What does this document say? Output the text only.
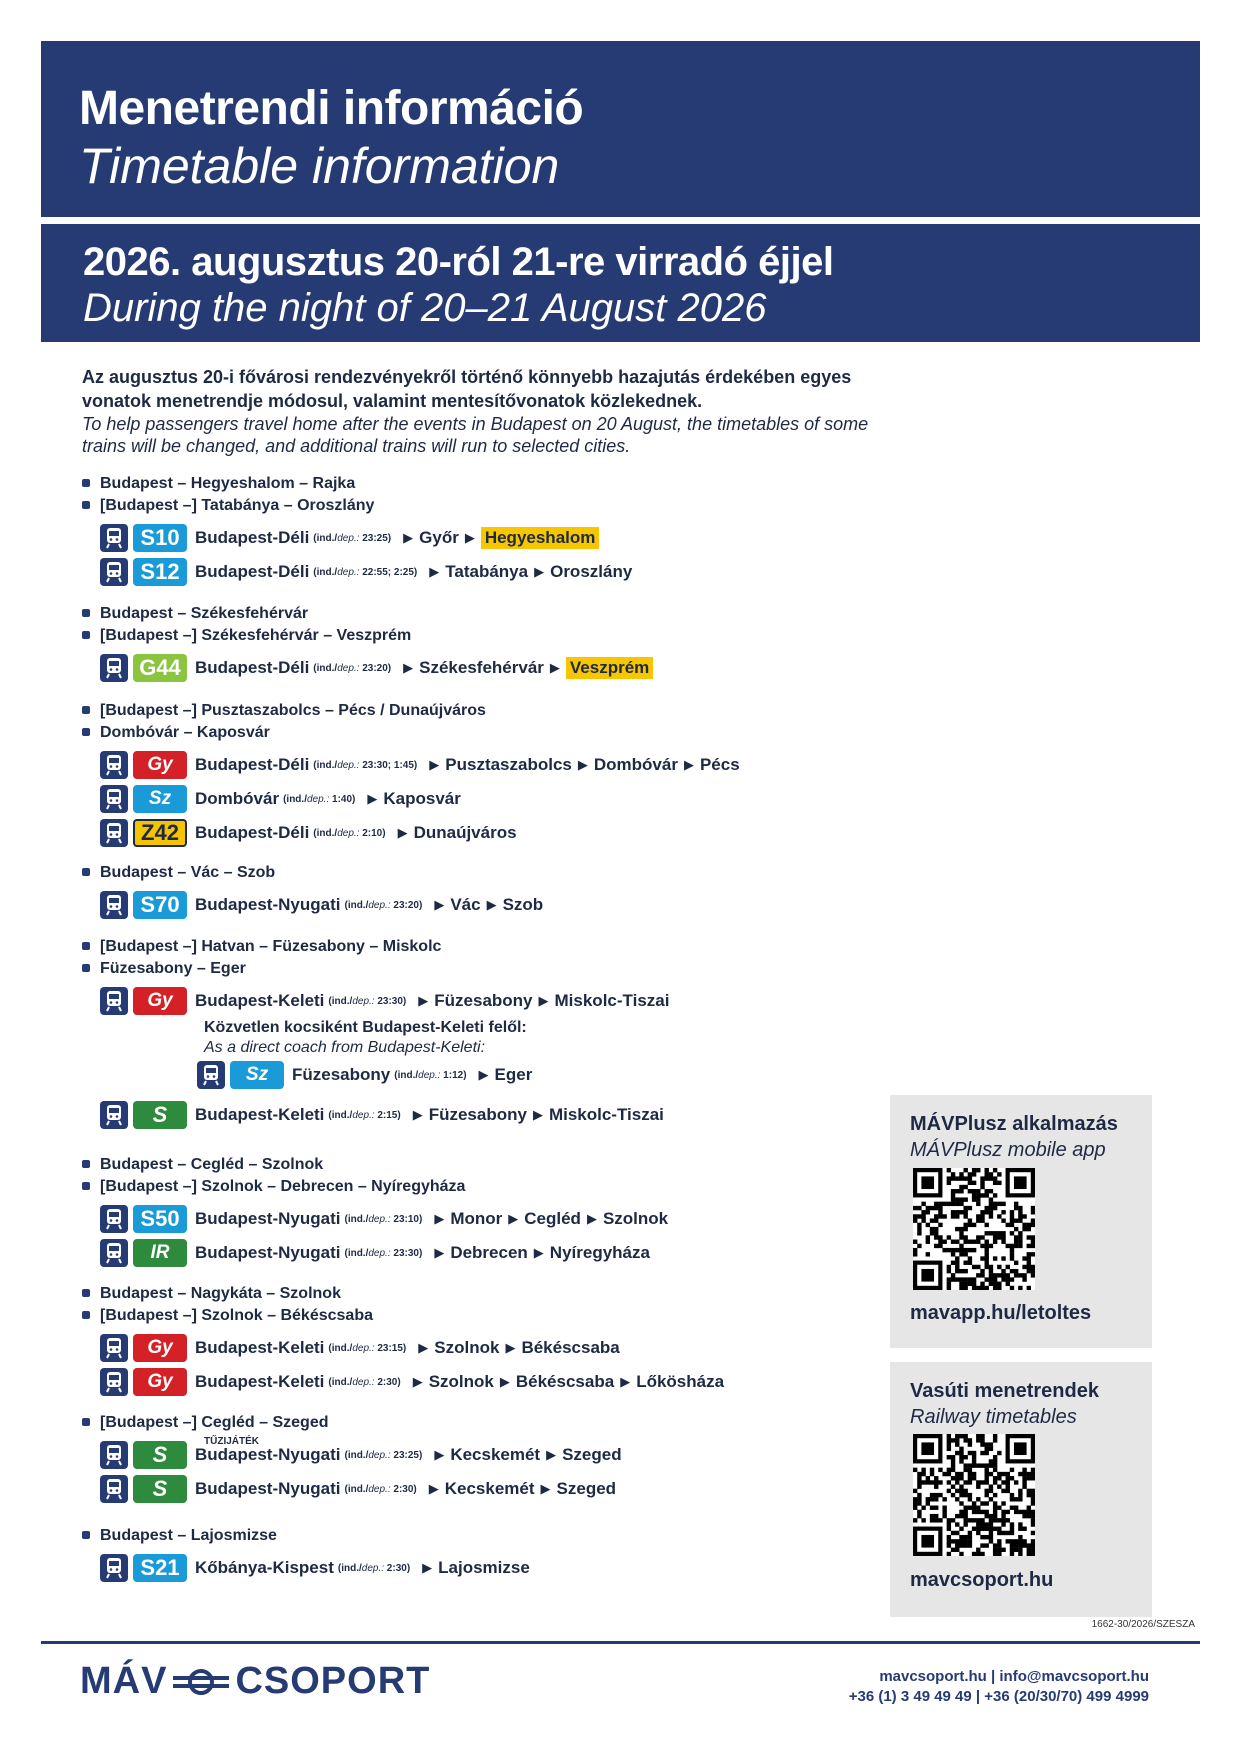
Menetrendi információ
Timetable information
2026. augusztus 20-ról 21-re virradó éjjel
During the night of 20–21 August 2026
Az augusztus 20-i fővárosi rendezvényekről történő könnyebb hazajutás érdekében egyes
vonatok menetrendje módosul, valamint mentesítővonatok közlekednek.
To help passengers travel home after the events in Budapest on 20 August, the timetables of some
trains will be changed, and additional trains will run to selected cities.
Budapest – Hegyeshalom – Rajka
[Budapest –] Tatabánya – Oroszlány
S10 Budapest-Déli (ind./dep.: 23:25) ▶ Győr ▶ Hegyeshalom
S12 Budapest-Déli (ind./dep.: 22:55; 2:25) ▶ Tatabánya ▶ Oroszlány
Budapest – Székesfehérvár
[Budapest –] Székesfehérvár – Veszprém
G44 Budapest-Déli (ind./dep.: 23:20) ▶ Székesfehérvár ▶ Veszprém
[Budapest –] Pusztaszabolcs – Pécs / Dunaújváros
Dombóvár – Kaposvár
Gy	Budapest-Déli (ind./dep.: 23:30; 1:45) ▶ Pusztaszabolcs ▶ Dombóvár ▶ Pécs
Sz	Dombóvár (ind./dep.: 1:40) ▶ Kaposvár
Z42 Budapest-Déli (ind./dep.: 2:10) ▶ Dunaújváros
Budapest – Vác – Szob
S70 Budapest-Nyugati (ind./dep.: 23:20) ▶ Vác ▶ Szob
[Budapest –] Hatvan – Füzesabony – Miskolc
Füzesabony – Eger
Gy	Budapest-Keleti (ind./dep.: 23:30) ▶ Füzesabony ▶ Miskolc-Tiszai
Közvetlen kocsiként Budapest-Keleti felől:
As a direct coach from Budapest-Keleti:
Sz	Füzesabony (ind./dep.: 1:12) ▶ Eger
S	Budapest-Keleti (ind./dep.: 2:15) ▶ Füzesabony ▶ Miskolc-Tiszai
Budapest – Cegléd – Szolnok
[Budapest –] Szolnok – Debrecen – Nyíregyháza
S50 Budapest-Nyugati (ind./dep.: 23:10) ▶ Monor ▶ Cegléd ▶ Szolnok
IR	Budapest-Nyugati (ind./dep.: 23:30) ▶ Debrecen ▶ Nyíregyháza
Budapest – Nagykáta – Szolnok
[Budapest –] Szolnok – Békéscsaba
Gy	Budapest-Keleti (ind./dep.: 23:15) ▶ Szolnok ▶ Békéscsaba
Gy	Budapest-Keleti (ind./dep.: 2:30) ▶ Szolnok ▶ Békéscsaba ▶ Lőkösháza
[Budapest –] Cegléd – Szeged
TŰZIJÁTÉK
S	Budapest-Nyugati (ind./dep.: 23:25) ▶ Kecskemét ▶ Szeged
S	Budapest-Nyugati (ind./dep.: 2:30) ▶ Kecskemét ▶ Szeged
Budapest – Lajosmizse
S21 Kőbánya-Kispest (ind./dep.: 2:30) ▶ Lajosmizse
MÁVPlusz alkalmazás
MÁVPlusz mobile app
mavapp.hu/letoltes
Vasúti menetrendek
Railway timetables
mavcsoport.hu
1662-30/2026/SZESZA
MÁV CSOPORT	mavcsoport.hu | info@mavcsoport.hu
+36 (1) 3 49 49 49 | +36 (20/30/70) 499 4999
